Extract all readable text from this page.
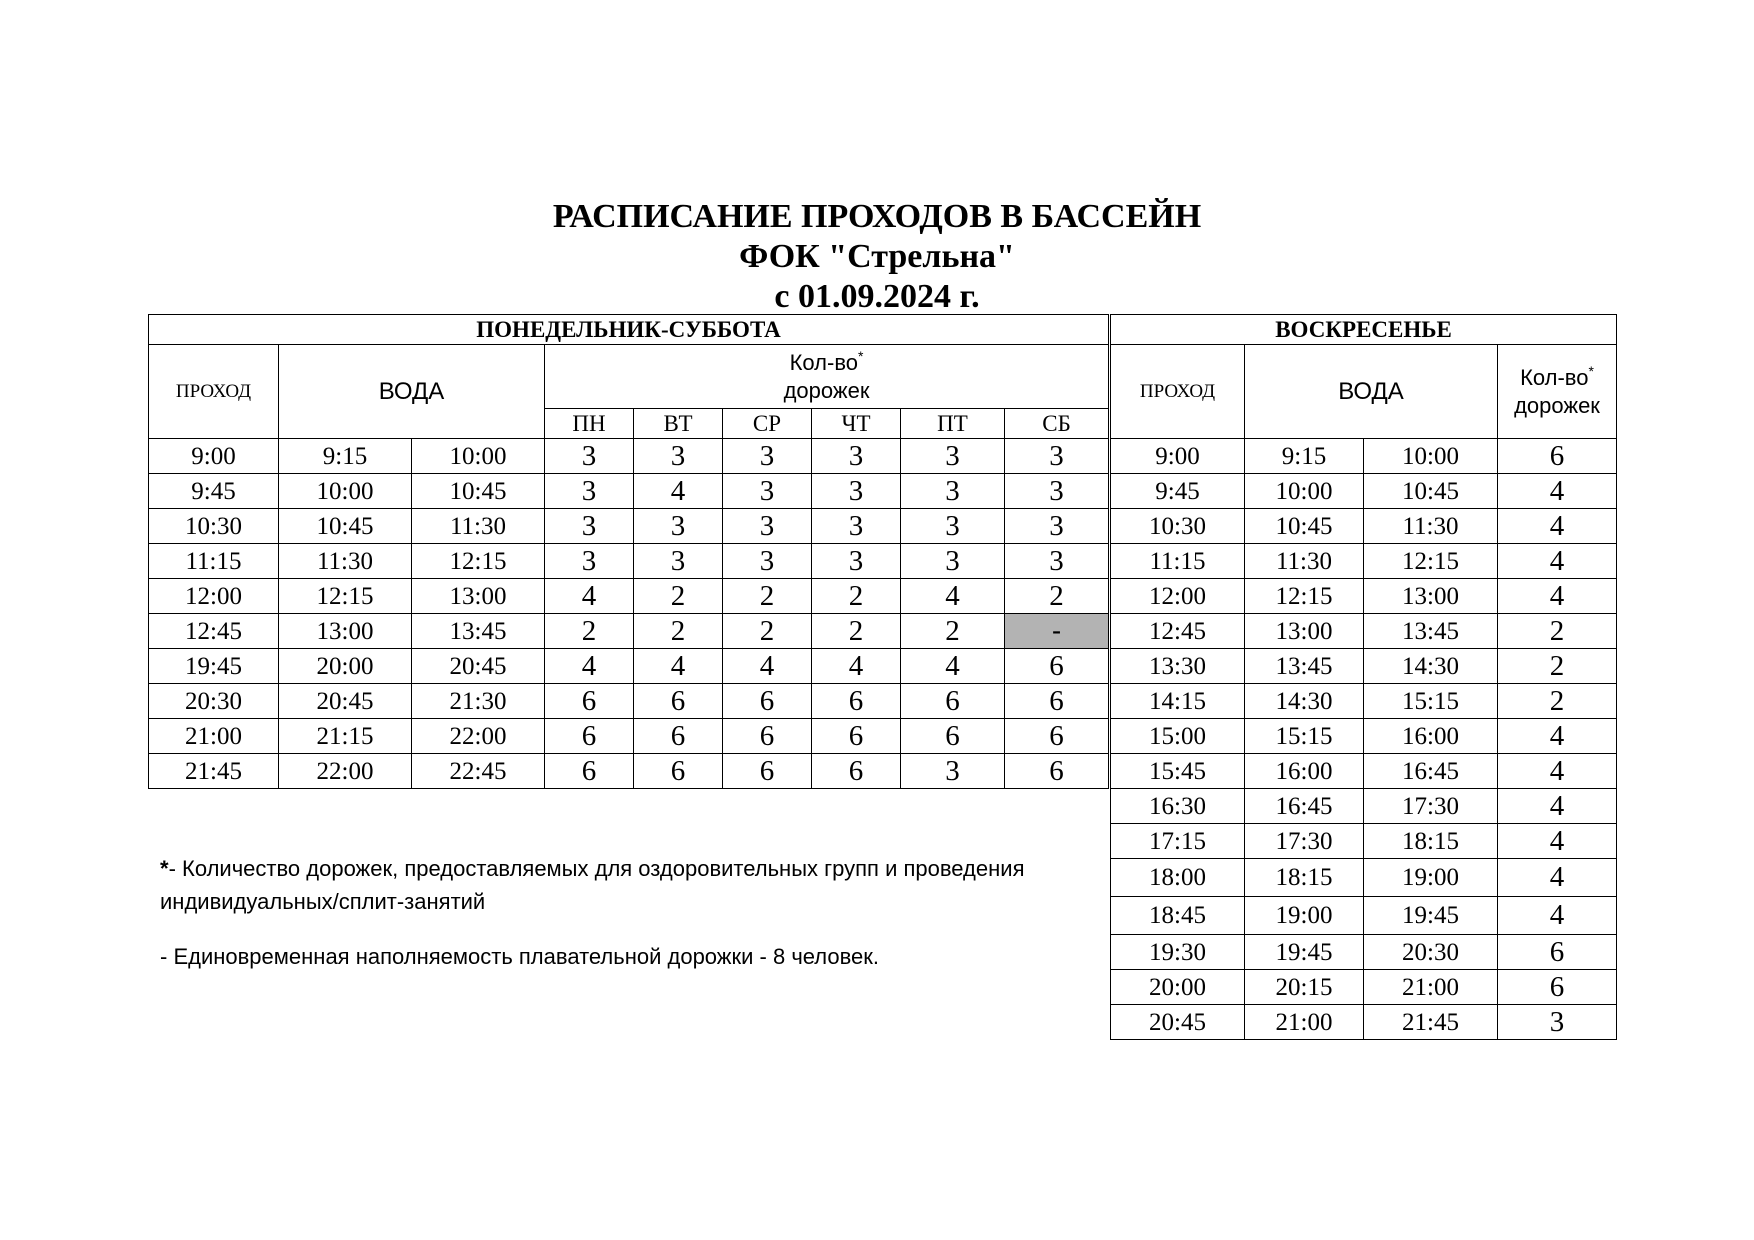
РАСПИСАНИЕ ПРОХОДОВ В БАССЕЙН
ФОК "Стрельна"
с 01.09.2024 г.
ПОНЕДЕЛЬНИК-СУББОТА								
ПРОХОД	ВОДА		Кол-во*
дорожек					
			ПН	ВТ	СР	ЧТ	ПТ	СБ
9:00	9:15	10:00	3	3	3	3	3	3
9:45	10:00	10:45	3	4	3	3	3	3
10:30	10:45	11:30	3	3	3	3	3	3
11:15	11:30	12:15	3	3	3	3	3	3
12:00	12:15	13:00	4	2	2	2	4	2
12:45	13:00	13:45	2	2	2	2	2	-
19:45	20:00	20:45	4	4	4	4	4	6
20:30	20:45	21:30	6	6	6	6	6	6
21:00	21:15	22:00	6	6	6	6	6	6
21:45	22:00	22:45	6	6	6	6	3	6
ВОСКРЕСЕНЬЕ			
ПРОХОД	ВОДА		Кол-во*
дорожек
9:00	9:15	10:00	6
9:45	10:00	10:45	4
10:30	10:45	11:30	4
11:15	11:30	12:15	4
12:00	12:15	13:00	4
12:45	13:00	13:45	2
13:30	13:45	14:30	2
14:15	14:30	15:15	2
15:00	15:15	16:00	4
15:45	16:00	16:45	4
16:30	16:45	17:30	4
17:15	17:30	18:15	4
18:00	18:15	19:00	4
18:45	19:00	19:45	4
19:30	19:45	20:30	6
20:00	20:15	21:00	6
20:45	21:00	21:45	3
*- Количество дорожек, предоставляемых для оздоровительных групп и проведения индивидуальных/сплит-занятий
- Единовременная наполняемость плавательной дорожки - 8 человек.
